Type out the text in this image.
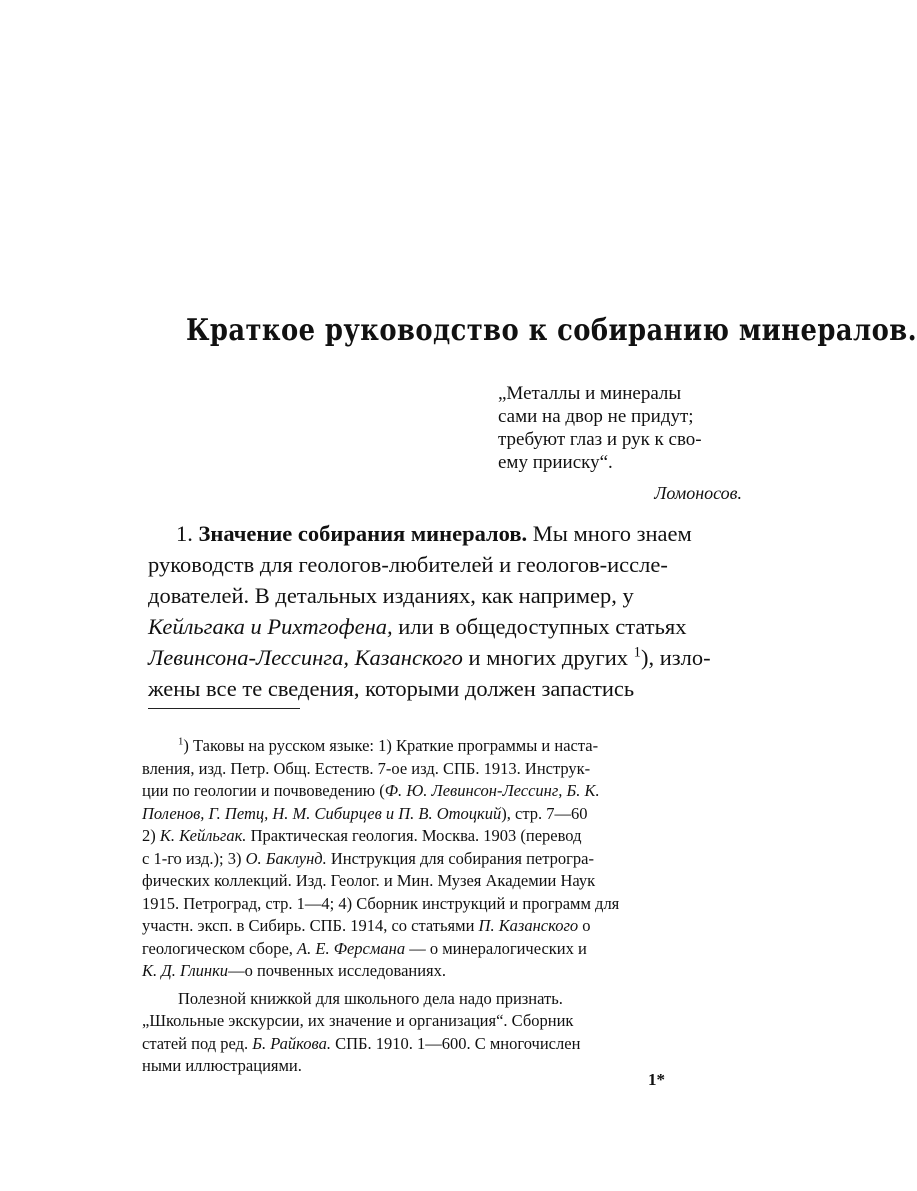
Краткое руководство к собиранию минералов.
„Металлы и минералы
сами на двор не придут;
требуют глаз и рук к сво-
ему прииску“.
Ломоносов.
1. Значение собирания минералов. Мы много знаем
руководств для геологов-любителей и геологов-иссле-
дователей. В детальных изданиях, как например, у
Кейльгака и Рихтгофена, или в общедоступных статьях
Левинсона-Лессинга, Казанского и многих других $^1$), изло-
жены все те сведения, которыми должен запастись
$^1$) Таковы на русском языке: 1) Краткие программы и наста-
вления, изд. Петр. Общ. Естеств. 7-ое изд. СПБ. 1913. Инструк-
ции по геологии и почвоведению (Ф. Ю. Левинсон-Лессинг, Б. К.
Поленов, Г. Петц, Н. М. Сибирцев и П. В. Отоцкий), стр. 7—60
2) К. Кейльгак. Практическая геология. Москва. 1903 (перевод
с 1-го изд.); 3) О. Баклунд. Инструкция для собирания петрогра-
фических коллекций. Изд. Геолог. и Мин. Музея Академии Наук
1915. Петроград, стр. 1—4; 4) Сборник инструкций и программ для
участн. эксп. в Сибирь. СПБ. 1914, со статьями П. Казанского о
геологическом сборе, А. Е. Ферсмана — о минералогических и
К. Д. Глинки—о почвенных исследованиях.
Полезной книжкой для школьного дела надо признать.
„Школьные экскурсии, их значение и организация“. Сборник
статей под ред. Б. Райкова. СПБ. 1910. 1—600. С многочислен
ными иллюстрациями.
1*
